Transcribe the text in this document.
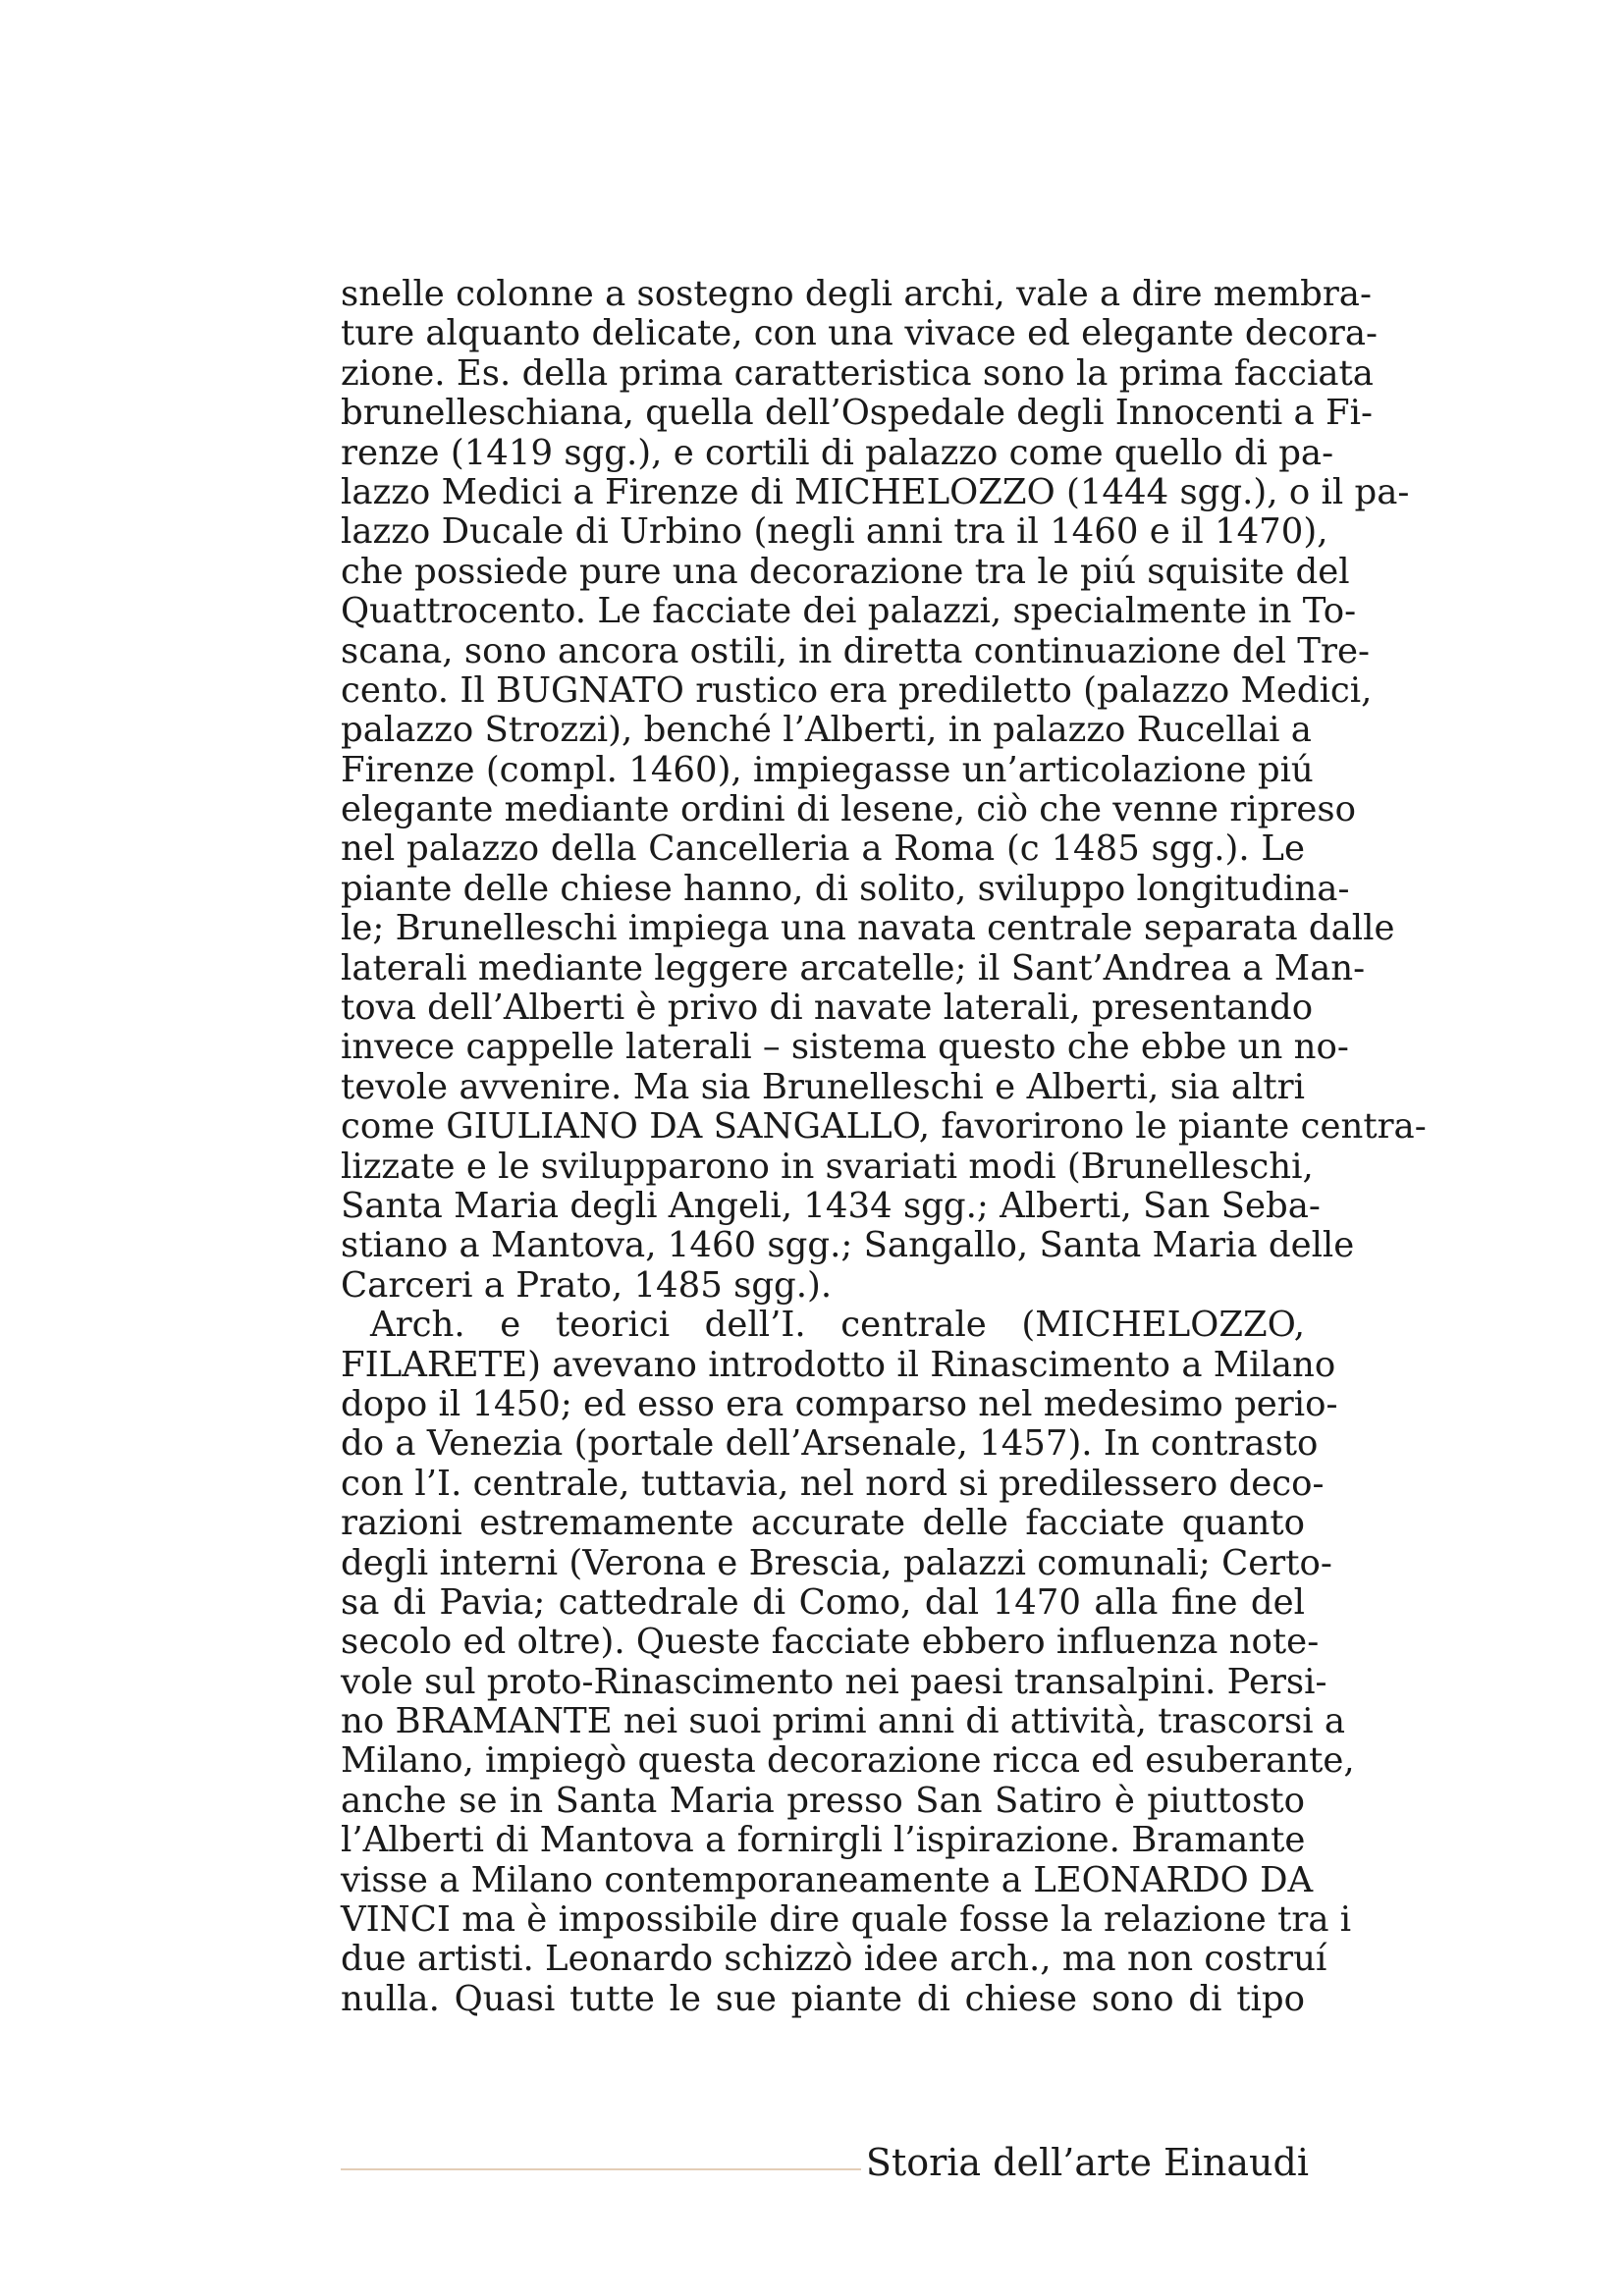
snelle colonne a sostegno degli archi, vale a dire membra-
ture alquanto delicate, con una vivace ed elegante decora-
zione. Es. della prima caratteristica sono la prima facciata
brunelleschiana, quella dell’Ospedale degli Innocenti a Fi-
renze (1419 sgg.), e cortili di palazzo come quello di pa-
lazzo Medici a Firenze di MICHELOZZO (1444 sgg.), o il pa-
lazzo Ducale di Urbino (negli anni tra il 1460 e il 1470),
che possiede pure una decorazione tra le piú squisite del
Quattrocento. Le facciate dei palazzi, specialmente in To-
scana, sono ancora ostili, in diretta continuazione del Tre-
cento. Il BUGNATO rustico era prediletto (palazzo Medici,
palazzo Strozzi), benché l’Alberti, in palazzo Rucellai a
Firenze (compl. 1460), impiegasse un’articolazione piú
elegante mediante ordini di lesene, ciò che venne ripreso
nel palazzo della Cancelleria a Roma (c 1485 sgg.). Le
piante delle chiese hanno, di solito, sviluppo longitudina-
le; Brunelleschi impiega una navata centrale separata dalle
laterali mediante leggere arcatelle; il Sant’Andrea a Man-
tova dell’Alberti è privo di navate laterali, presentando
invece cappelle laterali – sistema questo che ebbe un no-
tevole avvenire. Ma sia Brunelleschi e Alberti, sia altri
come GIULIANO DA SANGALLO, favorirono le piante centra-
lizzate e le svilupparono in svariati modi (Brunelleschi,
Santa Maria degli Angeli, 1434 sgg.; Alberti, San Seba-
stiano a Mantova, 1460 sgg.; Sangallo, Santa Maria delle
Carceri a Prato, 1485 sgg.).
Arch. e teorici dell’I. centrale (MICHELOZZO,
FILARETE) avevano introdotto il Rinascimento a Milano
dopo il 1450; ed esso era comparso nel medesimo perio-
do a Venezia (portale dell’Arsenale, 1457). In contrasto
con l’I. centrale, tuttavia, nel nord si predilessero deco-
razioni estremamente accurate delle facciate quanto
degli interni (Verona e Brescia, palazzi comunali; Certo-
sa di Pavia; cattedrale di Como, dal 1470 alla fine del
secolo ed oltre). Queste facciate ebbero influenza note-
vole sul proto-Rinascimento nei paesi transalpini. Persi-
no BRAMANTE nei suoi primi anni di attività, trascorsi a
Milano, impiegò questa decorazione ricca ed esuberante,
anche se in Santa Maria presso San Satiro è piuttosto
l’Alberti di Mantova a fornirgli l’ispirazione. Bramante
visse a Milano contemporaneamente a LEONARDO DA
VINCI ma è impossibile dire quale fosse la relazione tra i
due artisti. Leonardo schizzò idee arch., ma non costruí
nulla. Quasi tutte le sue piante di chiese sono di tipo
Storia dell’arte Einaudi
